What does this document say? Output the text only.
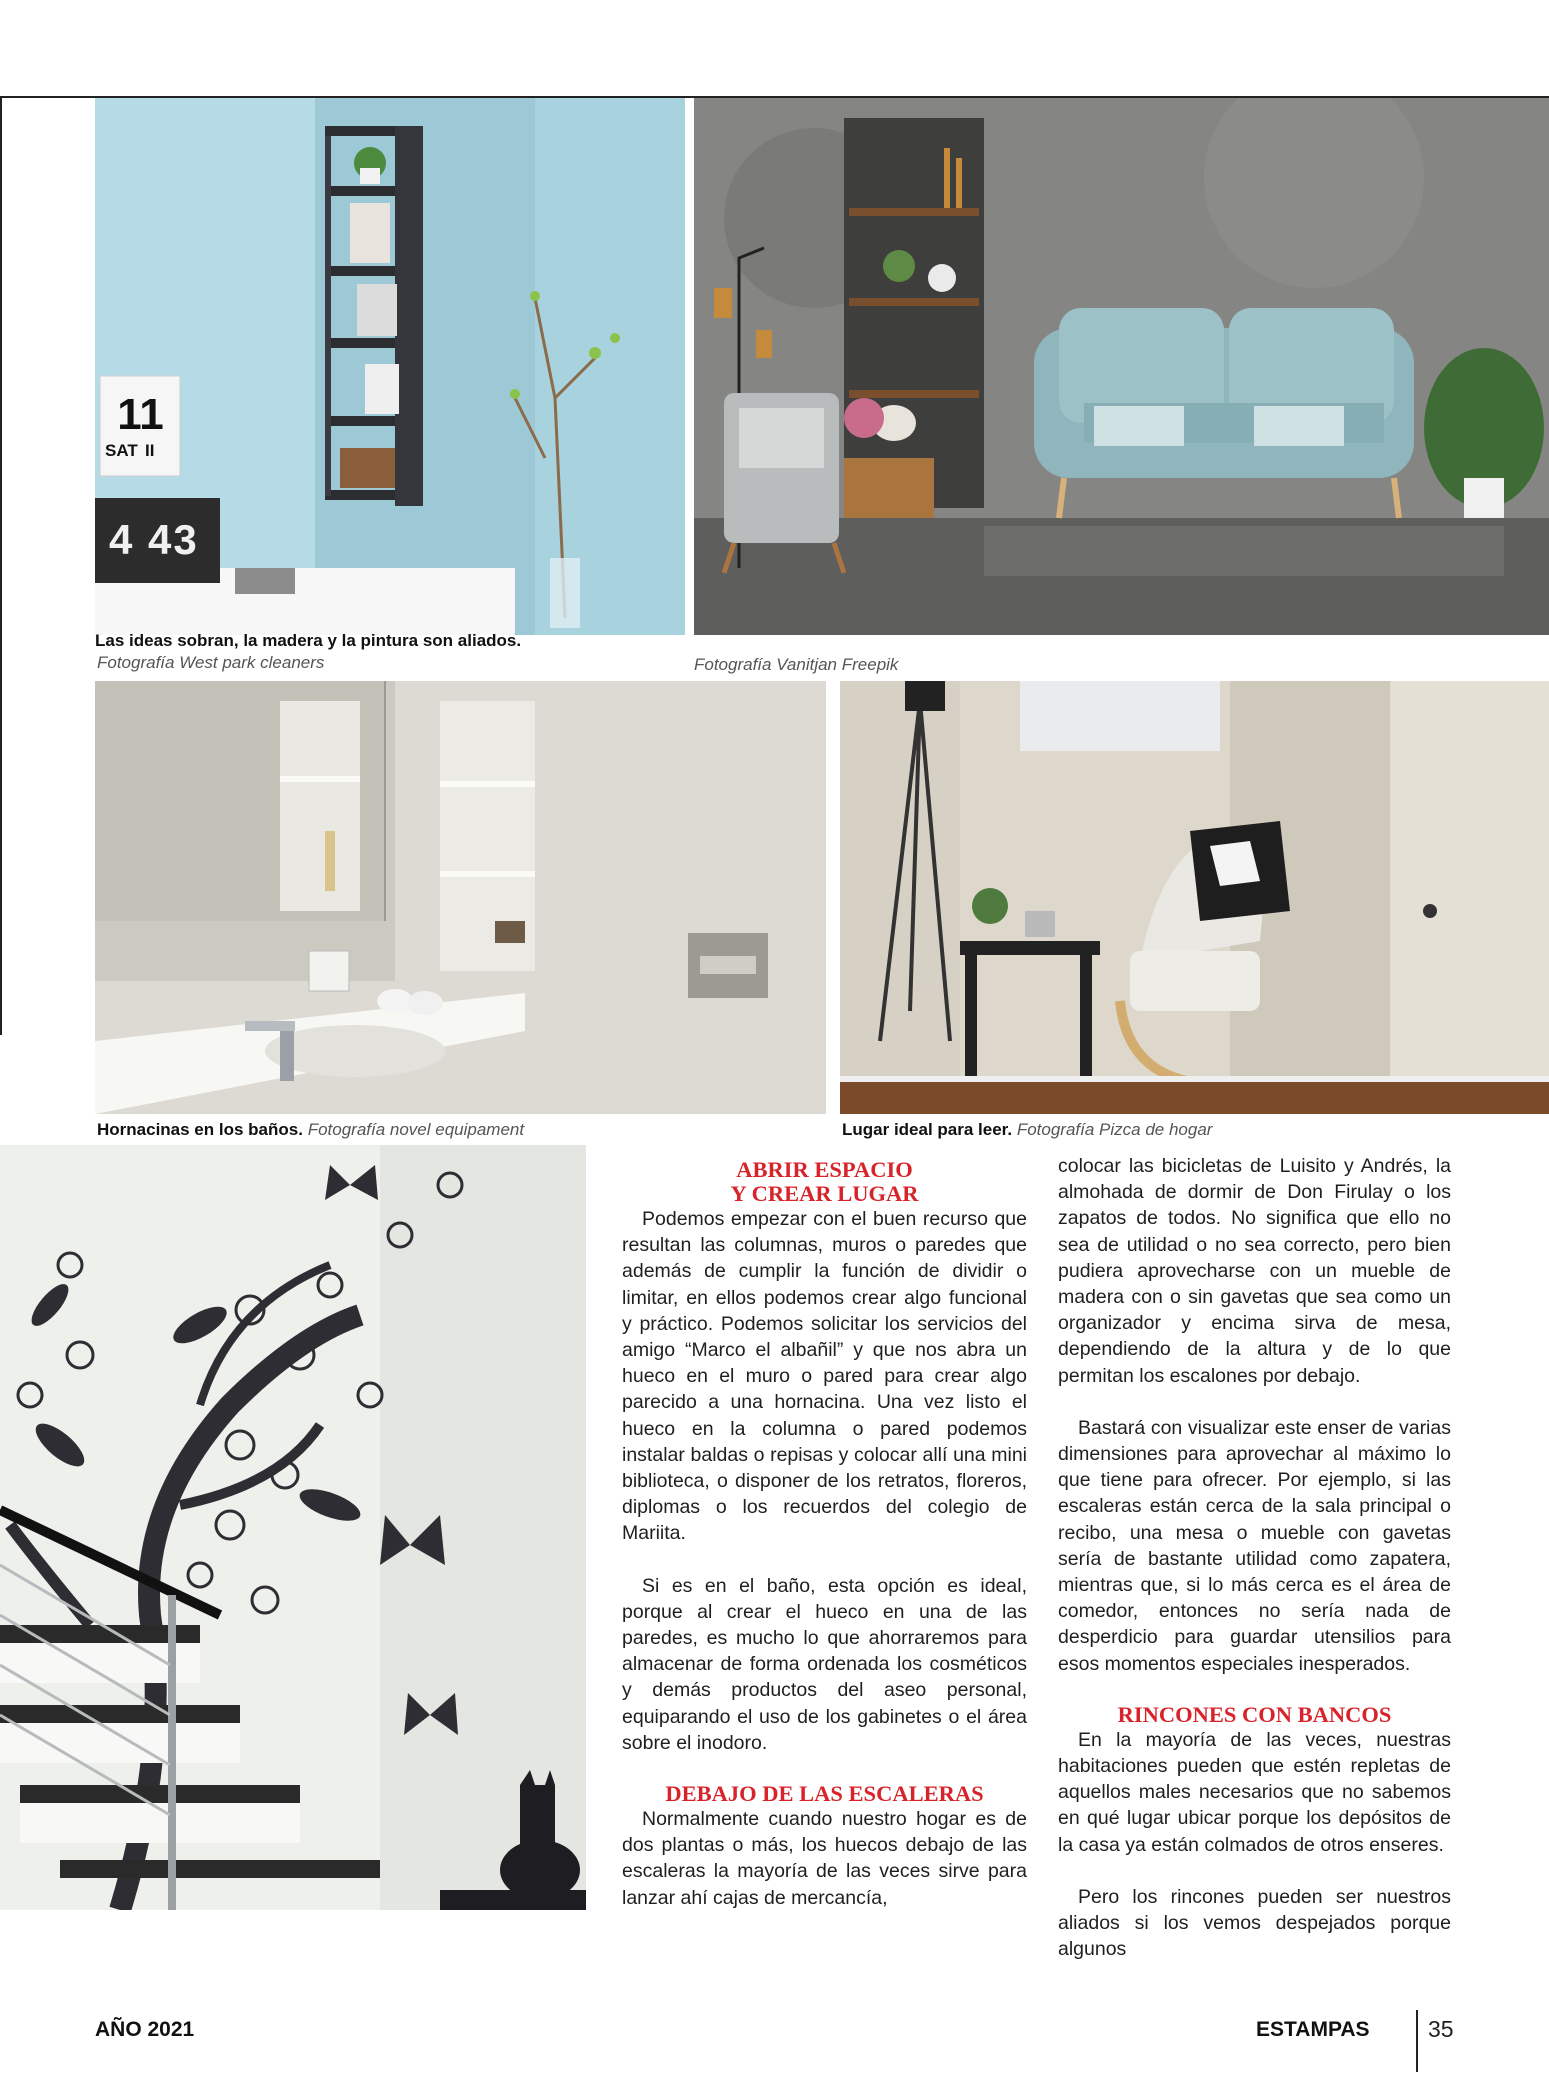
11
SAT II
4 43
Las ideas sobran, la madera y la pintura son aliados.
Fotografía West park cleaners	Fotografía Vanitjan Freepik
Hornacinas en los baños. Fotografía novel equipament	Lugar ideal para leer. Fotografía Pizca de hogar
ABRIR ESPACIO
Y CREAR LUGAR

Podemos empezar con el buen recurso que resultan las columnas, muros o paredes que además de cumplir la función de dividir o limitar, en ellos podemos crear algo funcional y práctico. Podemos solicitar los servicios del amigo “Marco el albañil” y que nos abra un hueco en el muro o pared para crear algo parecido a una hornacina. Una vez listo el hueco en la columna o pared podemos instalar baldas o repisas y colocar allí una mini biblioteca, o disponer de los retratos, floreros, diplomas o los recuerdos del colegio de Mariita.

Si es en el baño, esta opción es ideal, porque al crear el hueco en una de las paredes, es mucho lo que ahorraremos para almacenar de forma ordenada los cosméticos y demás productos del aseo personal, equiparando el uso de los gabinetes o el área sobre el inodoro.

DEBAJO DE LAS ESCALERAS

Normalmente cuando nuestro hogar es de dos plantas o más, los huecos debajo de las escaleras la mayoría de las veces sirve para lanzar ahí cajas de mercancía,

colocar las bicicletas de Luisito y Andrés, la almohada de dormir de Don Firulay o los zapatos de todos. No significa que ello no sea de utilidad o no sea correcto, pero bien pudiera aprovecharse con un mueble de madera con o sin gavetas que sea como un organizador y encima sirva de mesa, dependiendo de la altura y de lo que permitan los escalones por debajo.

Bastará con visualizar este enser de varias dimensiones para aprovechar al máximo lo que tiene para ofrecer. Por ejemplo, si las escaleras están cerca de la sala principal o recibo, una mesa o mueble con gavetas sería de bastante utilidad como zapatera, mientras que, si lo más cerca es el área de comedor, entonces no sería nada de desperdicio para guardar utensilios para esos momentos especiales inesperados.

RINCONES CON BANCOS

En la mayoría de las veces, nuestras habitaciones pueden que estén repletas de aquellos males necesarios que no sabemos en qué lugar ubicar porque los depósitos de la casa ya están colmados de otros enseres.

Pero los rincones pueden ser nuestros aliados si los vemos despejados porque algunos

AÑO 2021	ESTAMPAS	35
